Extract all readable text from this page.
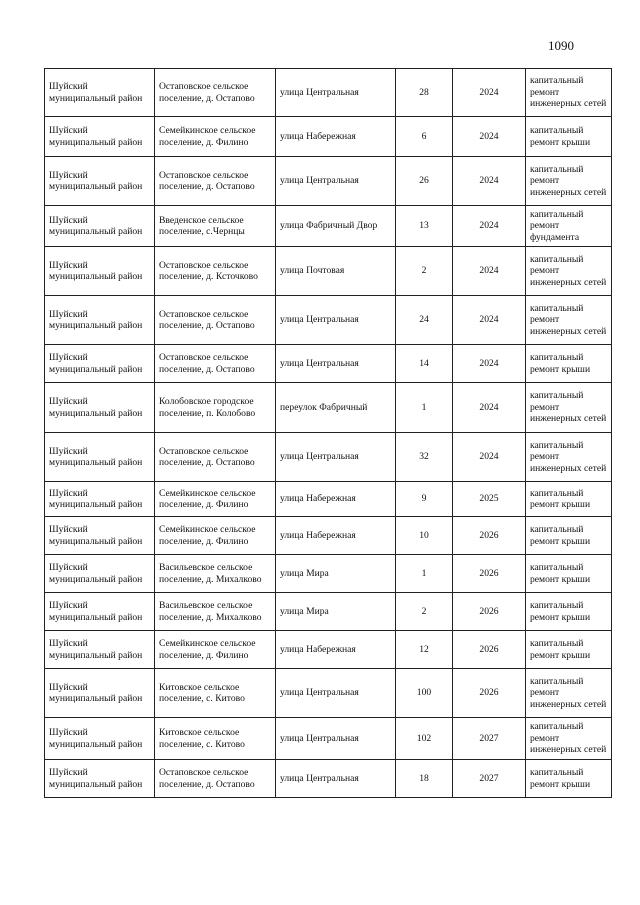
1090
Шуйский муниципальный район	Остаповское сельское поселение, д. Остапово	улица Центральная	28	2024	капитальный ремонт инженерных сетей
Шуйский муниципальный район	Семейкинское сельское поселение, д. Филино	улица Набережная	6	2024	капитальный ремонт крыши
Шуйский муниципальный район	Остаповское сельское поселение, д. Остапово	улица Центральная	26	2024	капитальный ремонт инженерных сетей
Шуйский муниципальный район	Введенское сельское поселение, с.Чернцы	улица Фабричный Двор	13	2024	капитальный ремонт фундамента
Шуйский муниципальный район	Остаповское сельское поселение, д. Ксточково	улица Почтовая	2	2024	капитальный ремонт инженерных сетей
Шуйский муниципальный район	Остаповское сельское поселение, д. Остапово	улица Центральная	24	2024	капитальный ремонт инженерных сетей
Шуйский муниципальный район	Остаповское сельское поселение, д. Остапово	улица Центральная	14	2024	капитальный ремонт крыши
Шуйский муниципальный район	Колобовское городское поселение, п. Колобово	переулок Фабричный	1	2024	капитальный ремонт инженерных сетей
Шуйский муниципальный район	Остаповское сельское поселение, д. Остапово	улица Центральная	32	2024	капитальный ремонт инженерных сетей
Шуйский муниципальный район	Семейкинское сельское поселение, д. Филино	улица Набережная	9	2025	капитальный ремонт крыши
Шуйский муниципальный район	Семейкинское сельское поселение, д. Филино	улица Набережная	10	2026	капитальный ремонт крыши
Шуйский муниципальный район	Васильевское сельское поселение, д. Михалково	улица Мира	1	2026	капитальный ремонт крыши
Шуйский муниципальный район	Васильевское сельское поселение, д. Михалково	улица Мира	2	2026	капитальный ремонт крыши
Шуйский муниципальный район	Семейкинское сельское поселение, д. Филино	улица Набережная	12	2026	капитальный ремонт крыши
Шуйский муниципальный район	Китовское сельское поселение, с. Китово	улица Центральная	100	2026	капитальный ремонт инженерных сетей
Шуйский муниципальный район	Китовское сельское поселение, с. Китово	улица Центральная	102	2027	капитальный ремонт инженерных сетей
Шуйский муниципальный район	Остаповское сельское поселение, д. Остапово	улица Центральная	18	2027	капитальный ремонт крыши
